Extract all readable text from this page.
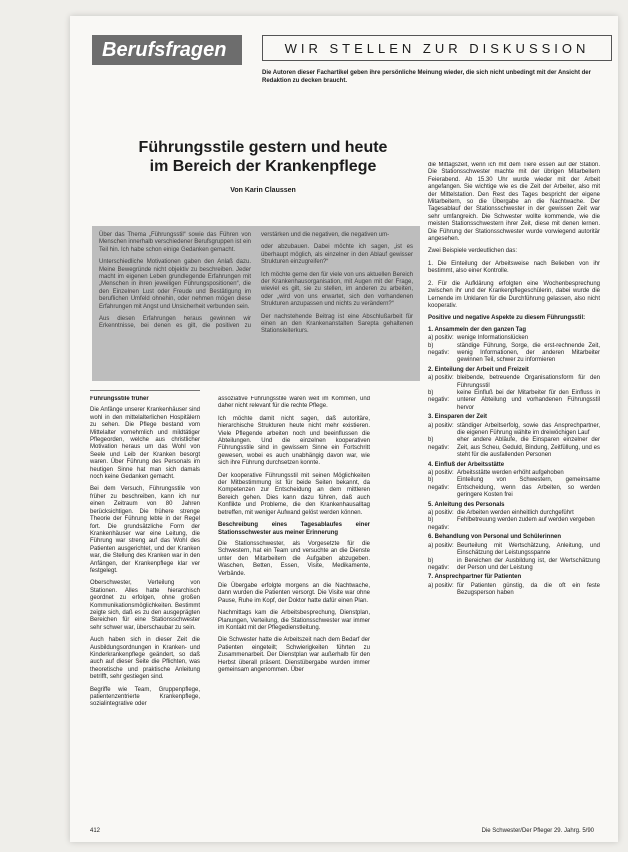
Berufsfragen	WIR STELLEN ZUR DISKUSSION
Die Autoren dieser Fachartikel geben ihre persönliche Meinung wieder, die sich nicht unbedingt mit der Ansicht der Redaktion zu decken braucht.
Führungsstile gestern und heute
im Bereich der Krankenpflege
Von Karin Claussen

Über das Thema „Führungsstil“ sowie das Führen von Menschen innerhalb verschiedener Berufsgruppen ist ein Teil hin. Ich habe schon einige Gedanken gemacht.

Unterschiedliche Motivationen gaben den Anlaß dazu. Meine Bewegründe nicht objektiv zu beschreiben. Jeder macht im eigenen Leben grundlegende Erfahrungen mit „Menschen in ihren jeweiligen Führungspositionen“, die den Einzelnen Lust oder Freude und Bestätigung im beruflichen Umfeld ohnehin, oder nehmen mögen diese Erfahrungen mit Angst und Unsicherheit verbunden sein.

Aus diesen Erfahrungen heraus gewinnen wir Erkenntnisse, bei denen es gilt, die positiven zu verstärken und die negativen, die negativen um-

oder abzubauen. Dabei möchte ich sagen, „ist es überhaupt möglich, als einzelner in den Ablauf gewisser Strukturen einzugreifen?“

Ich möchte gerne den für viele von uns aktuellen Bereich der Krankenhausorganisation, mit Augen mit der Frage, wieviel es gilt, sie zu stellen, im anderen zu arbeiten, oder „wird von uns erwartet, sich den vorhandenen Strukturen anzupassen und nichts zu verändern?“

Der nachstehende Beitrag ist eine Abschlußarbeit für einen an den Krankenanstalten Sarepta gehaltenen Stationsleiterkurs.

Führungsstile früher

Die Anfänge unserer Krankenhäuser sind wohl in den mittelalterlichen Hospitälern zu sehen. Die Pflege bestand vom Mittelalter vornehmlich und mildtätiger Pflegeorden, welche aus christlicher Motivation heraus um das Wohl von Seele und Leib der Kranken besorgt waren. Über Führung des Personals im heutigen Sinne hat man sich damals noch keine Gedanken gemacht.

Bei dem Versuch, Führungsstile von früher zu beschreiben, kann ich nur einen Zeitraum von 80 Jahren berücksichtigen. Die frühere strenge Theorie der Führung lebte in der Regel fort. Die grundsätzliche Form der Krankenhäuser war eine Leitung, die Führung war streng auf das Wohl des Patienten ausgerichtet, und der Kranken war, die Stellung des Kranken war in den Anfängen, der Krankenpflege klar ver festgelegt.

Oberschwester, Verteilung von Stationen. Alles hatte hierarchisch geordnet zu erfolgen, ohne großen Kommunikationsmöglichkeiten. Bestimmt zeigte sich, daß es zu den ausgeprägten Bereichen für eine Stationsschwester sehr schwer war, überschaubar zu sein.

Auch haben sich in dieser Zeit die Ausbildungsordnungen in Kranken- und Kinderkrankenpflege geändert, so daß auch auf dieser Seite die Pflichten, was theoretische und praktische Anleitung betrifft, sehr gestiegen sind.

Begriffe wie Team, Gruppenpflege, patientenzentrierte Krankenpflege, sozialintegrative oder

assoziative Führungsstile waren weit im Kommen, und daher nicht relevant für die rechte Pflege.

Ich möchte damit nicht sagen, daß autoritäre, hierarchische Strukturen heute nicht mehr existieren. Viele Pflegende arbeiten noch und beeinflussen die Abteilungen. Und die einzelnen kooperativen Führungsstile sind in gewissem Sinne ein Fortschritt gewesen, wobei es auch unabhängig davon war, wie sich ihre Führung durchsetzen konnte.

Der kooperative Führungsstil mit seinen Möglichkeiten der Mitbestimmung ist für beide Seiten bekannt, da Kompetenzen zur Entscheidung an dem mittleren Bereich gehen. Dies kann dazu führen, daß auch Konflikte und Probleme, die den Krankenhausalltag betreffen, mit weniger Aufwand gelöst werden können.

Beschreibung eines Tagesablaufes einer Stationsschwester aus meiner Erinnerung

Die Stationsschwester, als Vorgesetzte für die Schwestern, hat ein Team und versuchte an die Dienste unter den Mitarbeitern die Aufgaben abzugeben. Waschen, Betten, Essen, Visite, Medikamente, Verbände.

Die Übergabe erfolgte morgens an die Nachtwache, dann wurden die Patienten versorgt. Die Visite war ohne Pause, Ruhe im Kopf, der Doktor hatte dafür einen Plan.

Nachmittags kam die Arbeitsbesprechung, Dienstplan, Planungen, Verteilung, die Stationsschwester war immer im Kontakt mit der Pflegedienstleitung.

Die Schwester hatte die Arbeitszeit nach dem Bedarf der Patienten eingeteilt; Schwierigkeiten führten zu Zusammenarbeit. Der Dienstplan war außerhalb für den Herbst überall präsent. Dienstübergabe wurden immer gemeinsam angenommen. Über

die Mittagszeit, wenn ich mit dem Tiere essen auf der Station. Die Stationsschwester machte mit der übrigen Mitarbeitern Feierabend. Ab 15.30 Uhr wurde wieder mit der Arbeit angefangen. Sie wichtige wie es die Zeit der Arbeiter, also mit der Mittelstation. Den Rest des Tages bespricht der eigene Mitarbeitern, so die Übergabe an die Nachtwache. Der Tagesablauf der Stationsschwester in der gewissen Zeit war sehr umfangreich. Die Schwester wollte kommende, wie die meisten Stationsschwestern ihrer Zeit, diese mit denen lernen. Die Führung der Stationsschwester wurde vorwiegend autoritär angesehen.

Zwei Beispiele verdeutlichen das:

1. Die Einteilung der Arbeitsweise nach Belieben von ihr bestimmt, also einer Kontrolle.

2. Für die Aufklärung erfolgten eine Wochenbesprechung zwischen ihr und der Krankenpflegeschülerin, dabei wurde die Lernende im Unklaren für die Durchführung gelassen, also nicht kooperativ.

Positive und negative Aspekte zu diesem Führungsstil:
1. Ansammeln der den ganzen Tag
a) positiv: wenige Informationslücken
b) negativ:
ständige Führung, Sorge, die erst-rechnende Zeit, wenig Informationen, der anderen Mitarbeiter gewinnen Teil, schwer zu informieren
2. Einteilung der Arbeit und Freizeit
a) positiv: bleibende, betreuende Organisationsform für den Führungsstil
b) negativ:
keine Einfluß bei der Mitarbeiter für den Einfluss in unterer Abteilung und vorhandenen Führungsstil hervor
3. Einsparen der Zeit
a) positiv: ständiger Arbeitserfolg, sowie das Ansprechpartner, die eigenen Führung wählte im dreiwöchigen Lauf
b) negativ:
eher andere Abläufe, die Einsparen einzelner der Zeit, aus Scheu, Geduld, Bindung, Zeitfüllung, und es steht für die ausfallenden Personen
4. Einfluß der Arbeitsstätte
a) positiv: Arbeitsstätte werden erhöht aufgehoben
b) negativ:
Einteilung von Schwestern, gemeinsame Entscheidung, wenn das Arbeiten, so werden geringere Kosten frei
5. Anleitung des Personals
a) positiv: die Arbeiten werden einheitlich durchgeführt
b) negativ:
Fehlbetreuung werden zudem auf werden vergeben
6. Behandlung von Personal und Schülerinnen
a) positiv: Beurteilung mit Wertschätzung, Anleitung, und Einschätzung der Leistungsspanne
b) negativ:
in Bereichen der Ausbildung ist, der Wertschätzung der Person und der Leistung
7. Ansprechpartner für Patienten
a) positiv: für Patienten günstig, da die oft ein feste Bezugsperson haben
412	Die Schwester/Der Pfleger 29. Jahrg. 5/90
